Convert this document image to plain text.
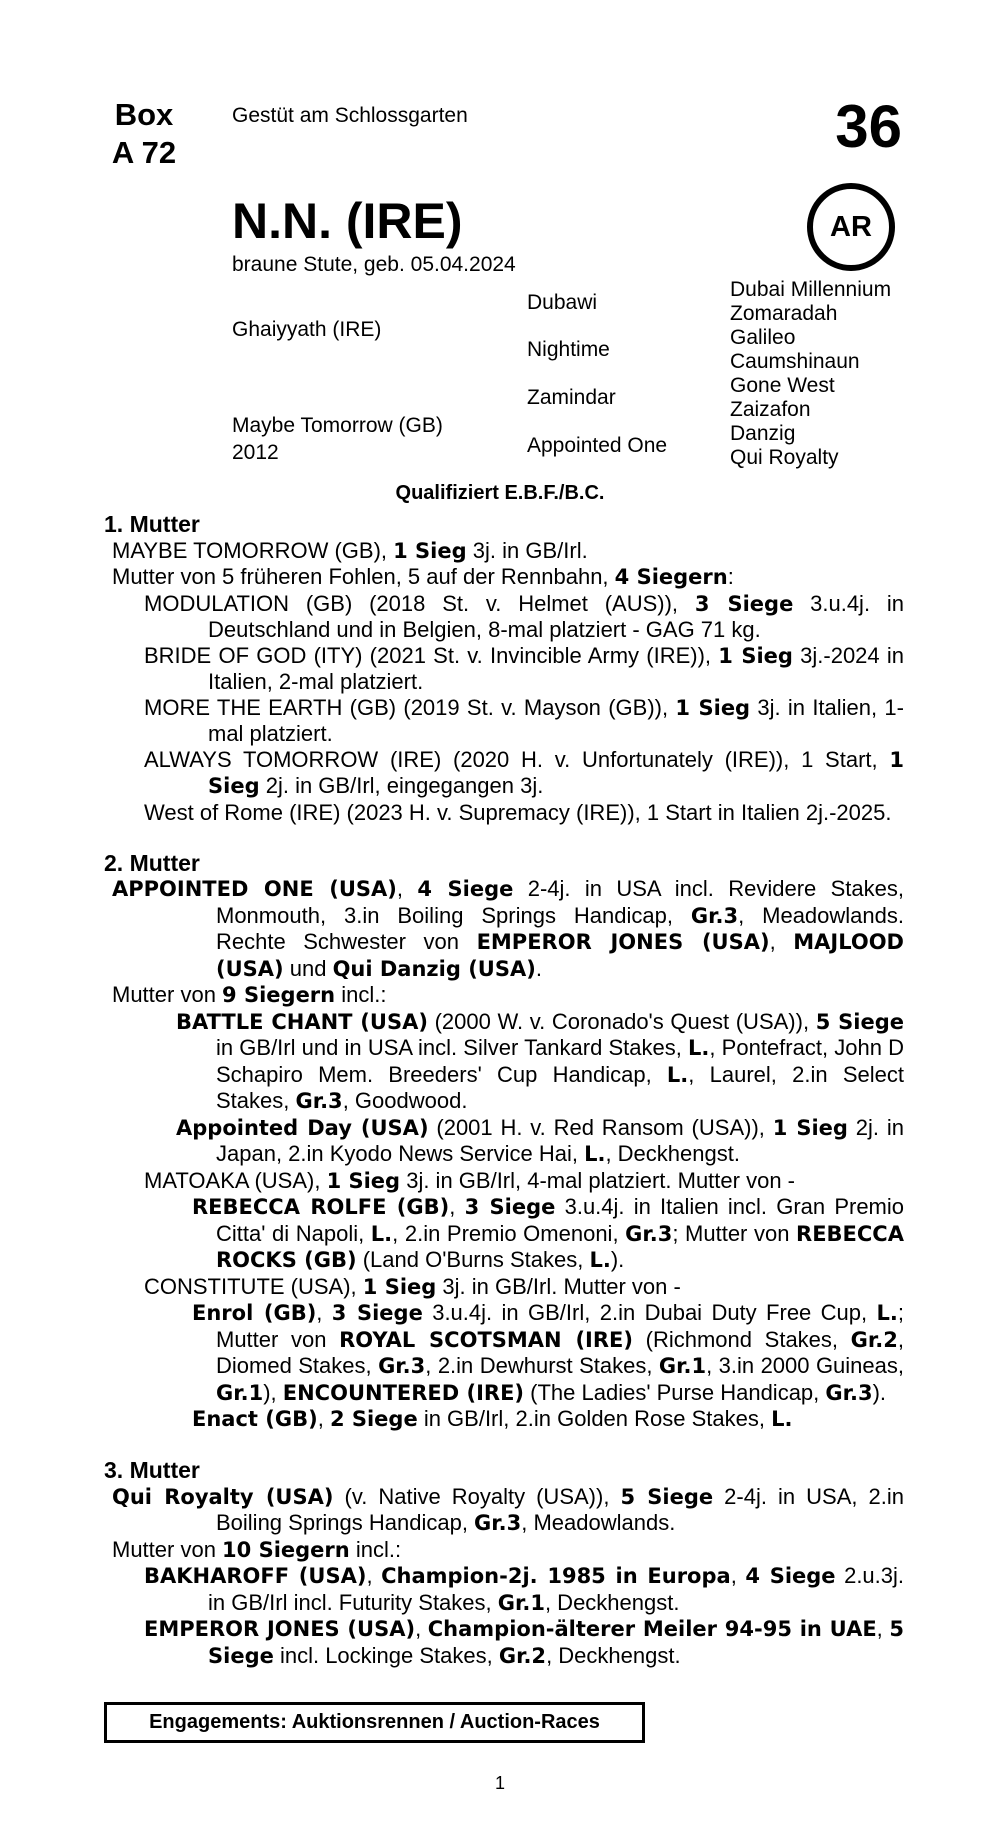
Box
A 72
Gestüt am Schlossgarten	36
AR
N.N. (IRE)
braune Stute, geb. 05.04.2024
Ghaiyyath (IRE)
Maybe Tomorrow (GB)
2012
Dubawi
Nightime
Zamindar
Appointed One
Dubai Millennium
Zomaradah
Galileo
Caumshinaun
Gone West
Zaizafon
Danzig
Qui Royalty
Qualifiziert E.B.F./B.C.
1. Mutter
MAYBE TOMORROW (GB), 1 Sieg 3j. in GB/Irl.
Mutter von 5 früheren Fohlen, 5 auf der Rennbahn, 4 Siegern:
MODULATION (GB) (2018 St. v. Helmet (AUS)), 3 Siege 3.u.4j. in Deutschland und in Belgien, 8-mal platziert - GAG 71 kg.
BRIDE OF GOD (ITY) (2021 St. v. Invincible Army (IRE)), 1 Sieg 3j.-2024 in Italien, 2-mal platziert.
MORE THE EARTH (GB) (2019 St. v. Mayson (GB)), 1 Sieg 3j. in Italien, 1-mal platziert.
ALWAYS TOMORROW (IRE) (2020 H. v. Unfortunately (IRE)), 1 Start, 1 Sieg 2j. in GB/Irl, eingegangen 3j.
West of Rome (IRE) (2023 H. v. Supremacy (IRE)), 1 Start in Italien 2j.-2025.
2. Mutter
APPOINTED ONE (USA), 4 Siege 2-4j. in USA incl. Revidere Stakes, Monmouth, 3.in Boiling Springs Handicap, Gr.3, Meadowlands. Rechte Schwester von EMPEROR JONES (USA), MAJLOOD (USA) und Qui Danzig (USA).
Mutter von 9 Siegern incl.:
BATTLE CHANT (USA) (2000 W. v. Coronado's Quest (USA)), 5 Siege in GB/Irl und in USA incl. Silver Tankard Stakes, L., Pontefract, John D Schapiro Mem. Breeders' Cup Handicap, L., Laurel, 2.in Select Stakes, Gr.3, Goodwood.
Appointed Day (USA) (2001 H. v. Red Ransom (USA)), 1 Sieg 2j. in Japan, 2.in Kyodo News Service Hai, L., Deckhengst.
MATOAKA (USA), 1 Sieg 3j. in GB/Irl, 4-mal platziert. Mutter von -
REBECCA ROLFE (GB), 3 Siege 3.u.4j. in Italien incl. Gran Premio Citta' di Napoli, L., 2.in Premio Omenoni, Gr.3; Mutter von REBECCA ROCKS (GB) (Land O'Burns Stakes, L.).
CONSTITUTE (USA), 1 Sieg 3j. in GB/Irl. Mutter von -
Enrol (GB), 3 Siege 3.u.4j. in GB/Irl, 2.in Dubai Duty Free Cup, L.; Mutter von ROYAL SCOTSMAN (IRE) (Richmond Stakes, Gr.2, Diomed Stakes, Gr.3, 2.in Dewhurst Stakes, Gr.1, 3.in 2000 Guineas, Gr.1), ENCOUNTERED (IRE) (The Ladies' Purse Handicap, Gr.3).
Enact (GB), 2 Siege in GB/Irl, 2.in Golden Rose Stakes, L.
3. Mutter
Qui Royalty (USA) (v. Native Royalty (USA)), 5 Siege 2-4j. in USA, 2.in Boiling Springs Handicap, Gr.3, Meadowlands.
Mutter von 10 Siegern incl.:
BAKHAROFF (USA), Champion-2j. 1985 in Europa, 4 Siege 2.u.3j. in GB/Irl incl. Futurity Stakes, Gr.1, Deckhengst.
EMPEROR JONES (USA), Champion-älterer Meiler 94-95 in UAE, 5 Siege incl. Lockinge Stakes, Gr.2, Deckhengst.
Engagements: Auktionsrennen / Auction-Races
1
